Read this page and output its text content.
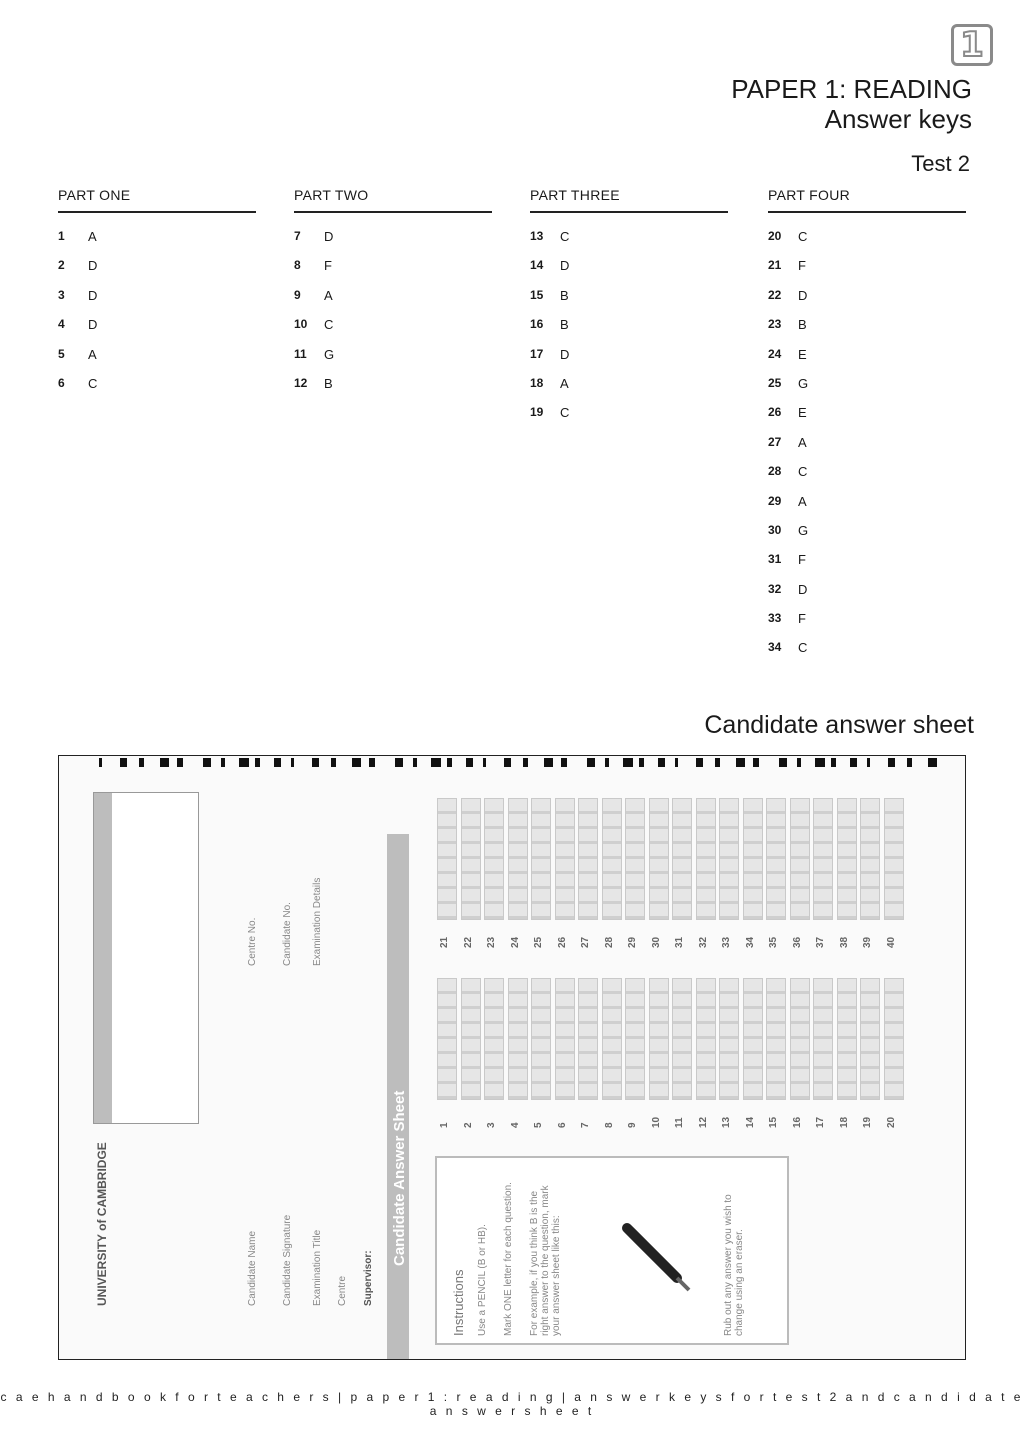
1
PAPER 1: READING
Answer keys
Test 2
PART ONE
1	A
2	D
3	D
4	D
5	A
6	C
PART TWO
7	D
8	F
9	A
10	C
11	G
12	B
PART THREE
13	C
14	D
15	B
16	B
17	D
18	A
19	C
PART FOUR
20	C
21	F
22	D
23	B
24	E
25	G
26	E
27	A
28	C
29	A
30	G
31	F
32	D
33	F
34	C
Candidate answer sheet
UNIVERSITY of CAMBRIDGE	Candidate Name Candidate Signature Examination Title Centre Supervisor:
Centre No. Candidate No. Examination Details
Candidate Answer Sheet
21 22 23 24 25 26 27 28 29 30 31 32 33 34 35 36 37 38 39 40
1 2 3 4 5 6 7 8 9 10 11 12 13 14 15 16 17 18 19 20
Instructions Use a PENCIL (B or HB). Mark ONE letter for each question. For example, if you think B is the right answer to the question, mark your answer sheet like this:	Rub out any answer you wish to change using an eraser.
c a e h a n d b o o k f o r t e a c h e r s | p a p e r 1 : r e a d i n g | a n s w e r k e y s f o r t e s t 2 a n d c a n d i d a t e a n s w e r s h e e t
